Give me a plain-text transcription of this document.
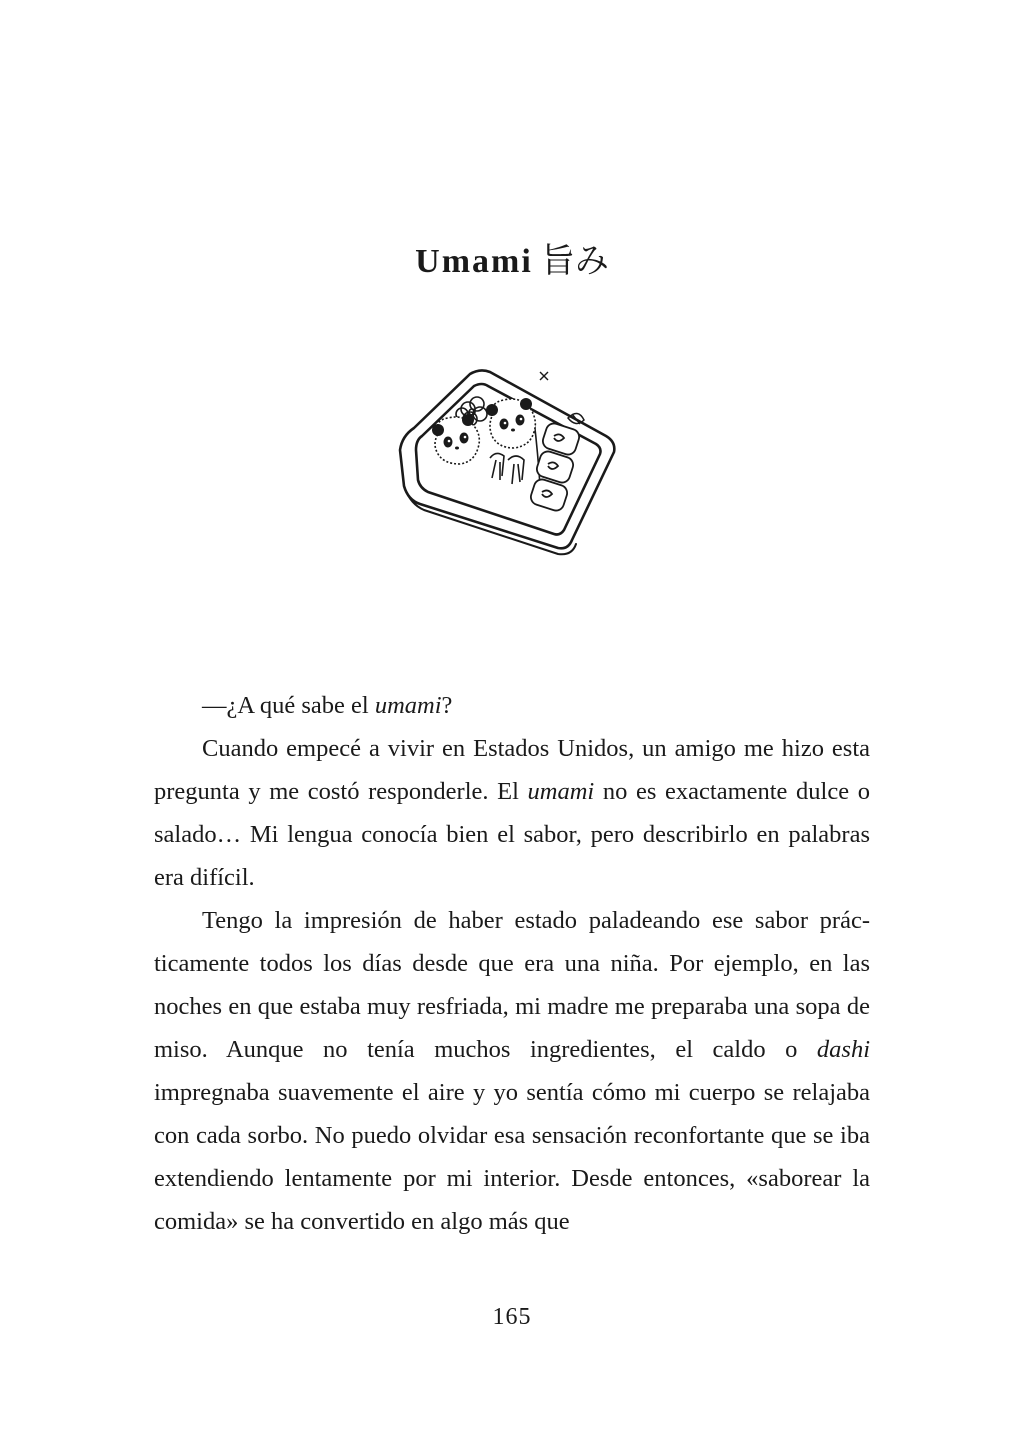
Umami 旨み

—¿A qué sabe el umami?

Cuando empecé a vivir en Estados Unidos, un amigo me hizo esta pregunta y me costó responderle. El umami no es exactamente dulce o salado… Mi lengua conocía bien el sabor, pero describirlo en palabras era difícil.

Tengo la impresión de haber estado paladeando ese sabor prácticamente todos los días desde que era una niña. Por ejemplo, en las noches en que estaba muy resfriada, mi madre me preparaba una sopa de miso. Aunque no tenía muchos ingredientes, el caldo o dashi impregnaba suavemente el aire y yo sentía cómo mi cuerpo se relajaba con cada sorbo. No puedo olvidar esa sensación reconfortante que se iba extendiendo lentamente por mi interior. Desde entonces, «saborear la comida» se ha convertido en algo más que

165
